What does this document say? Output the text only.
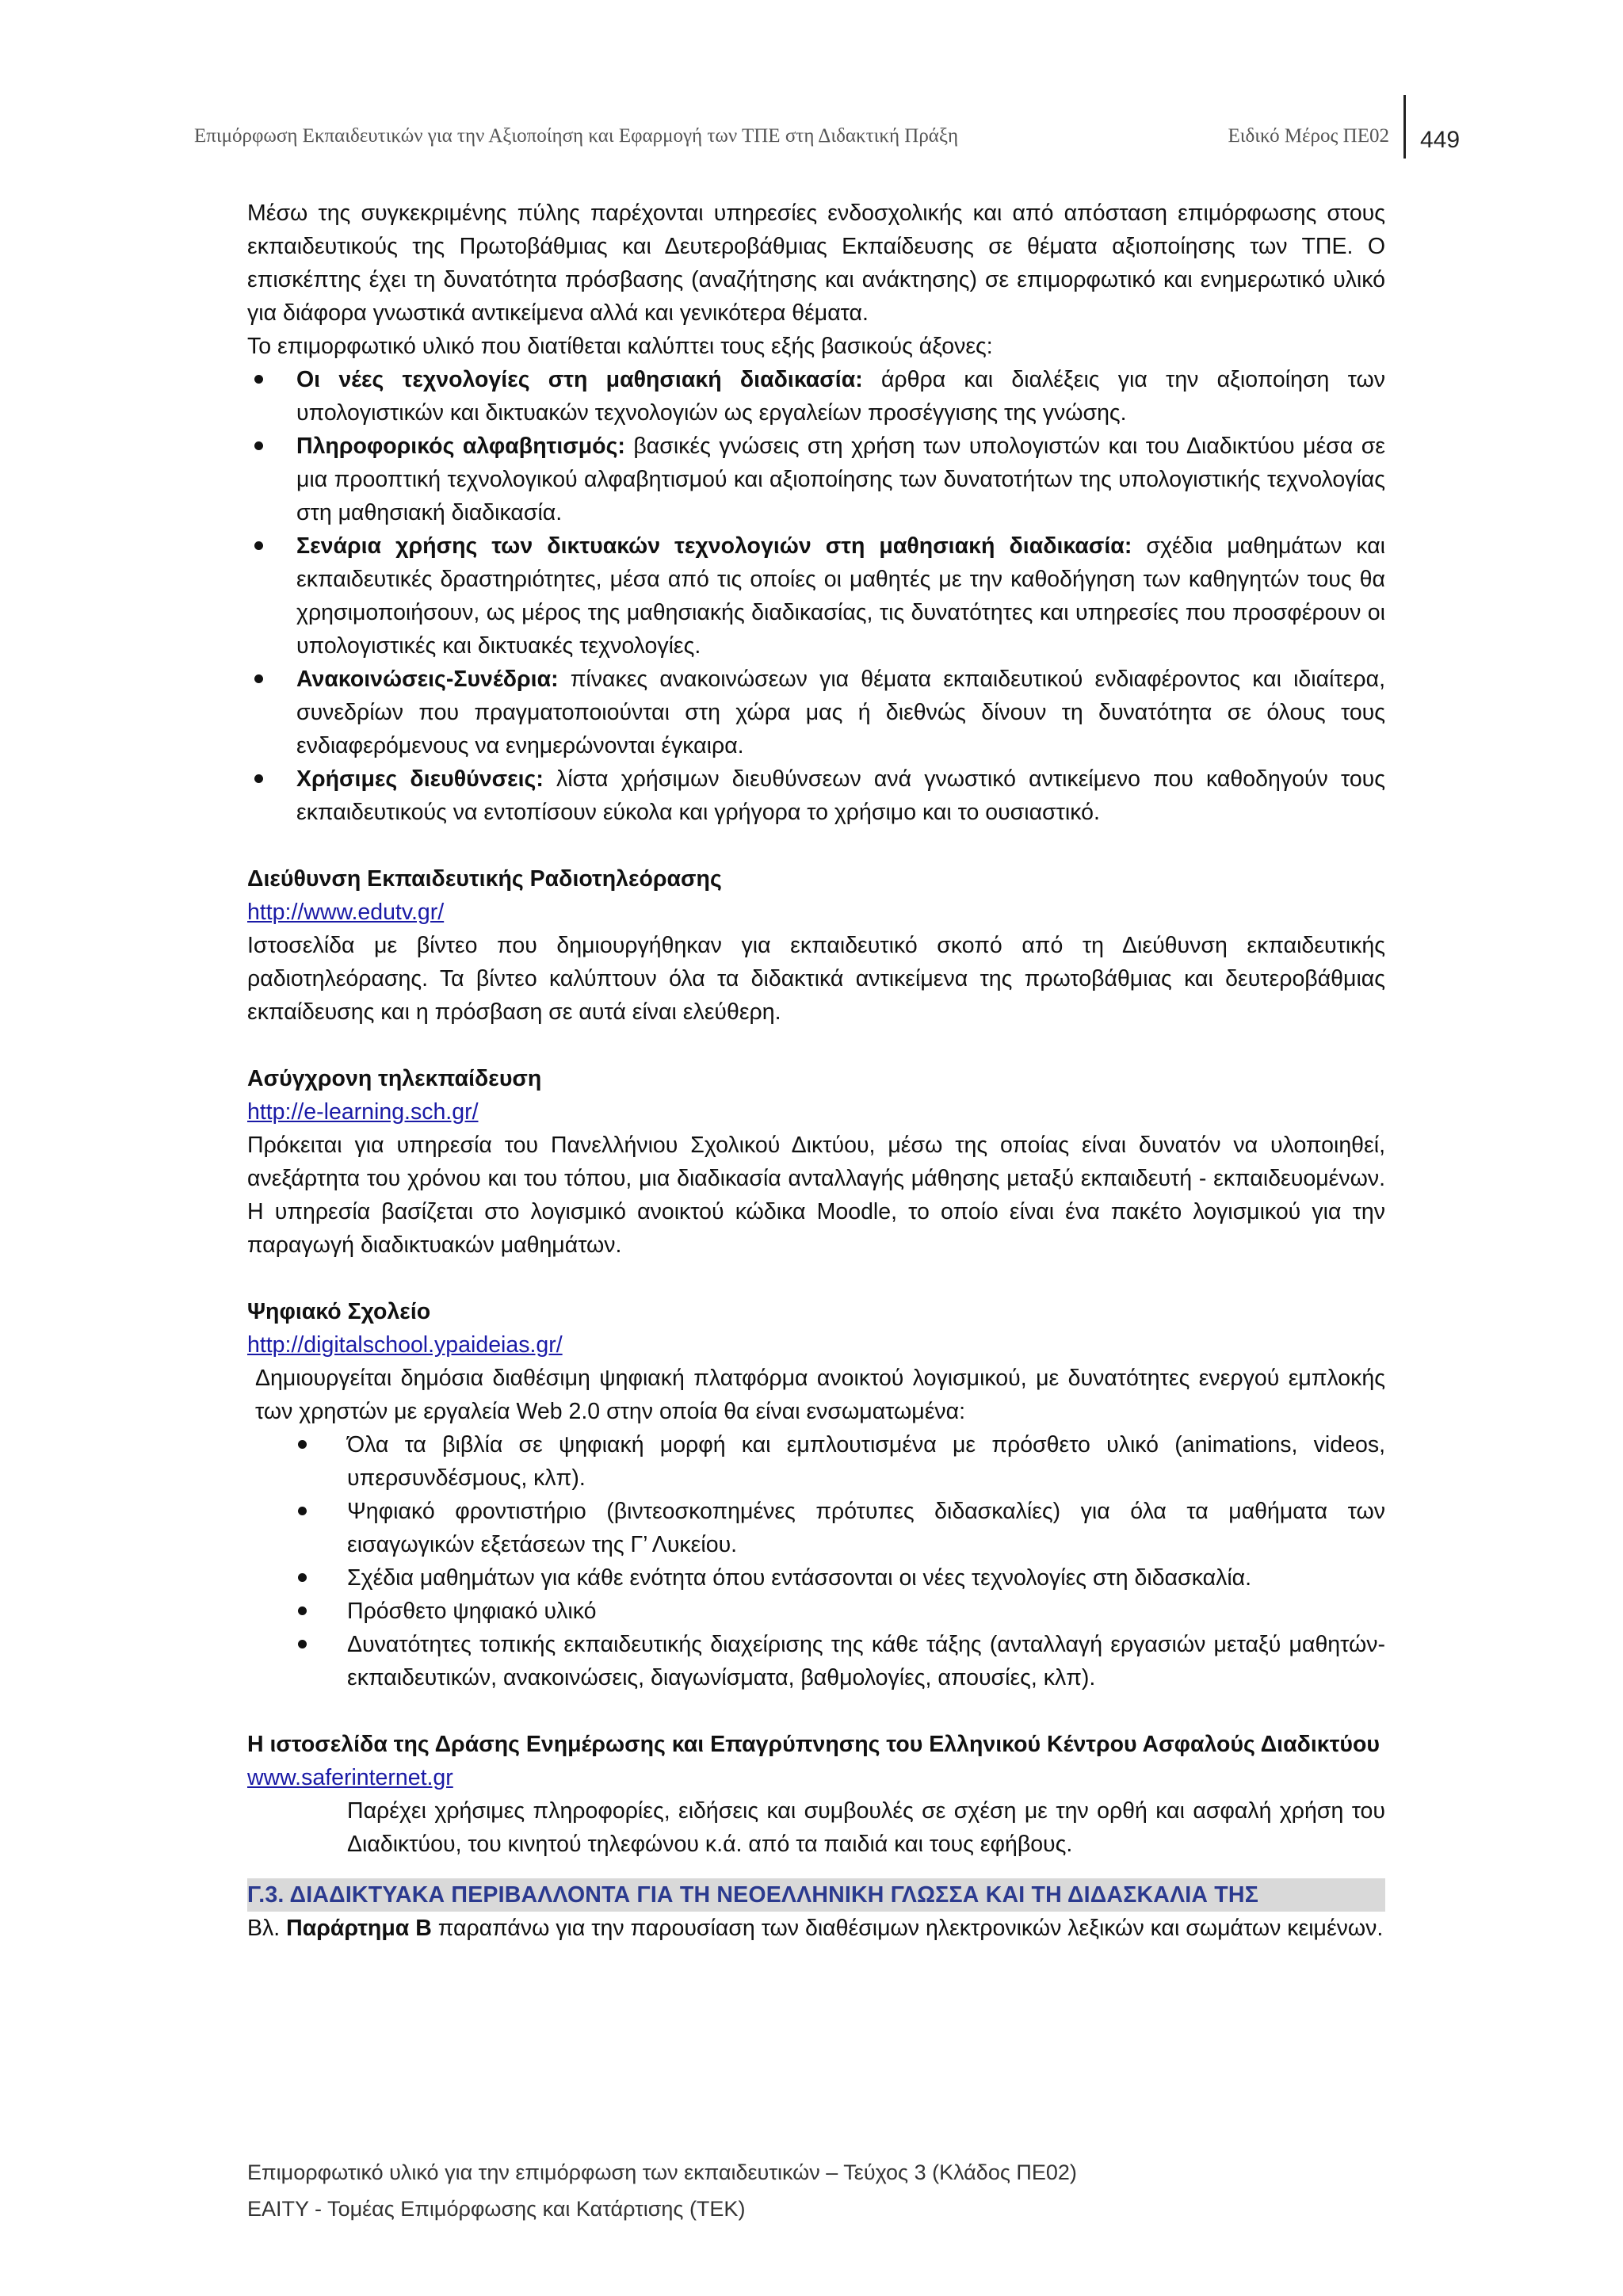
Επιμόρφωση Εκπαιδευτικών για την Αξιοποίηση και Εφαρμογή των ΤΠΕ στη Διδακτική Πράξη	Ειδικό Μέρος ΠΕ02 449

Μέσω της συγκεκριμένης πύλης παρέχονται υπηρεσίες ενδοσχολικής και από απόσταση επιμόρφωσης στους εκπαιδευτικούς της Πρωτοβάθμιας και Δευτεροβάθμιας Εκπαίδευσης σε θέματα αξιοποίησης των ΤΠΕ. Ο επισκέπτης έχει τη δυνατότητα πρόσβασης (αναζήτησης και ανάκτησης) σε επιμορφωτικό και ενημερωτικό υλικό για διάφορα γνωστικά αντικείμενα αλλά και γενικότερα θέματα.

Το επιμορφωτικό υλικό που διατίθεται καλύπτει τους εξής βασικούς άξονες:

Οι νέες τεχνολογίες στη μαθησιακή διαδικασία: άρθρα και διαλέξεις για την αξιοποίηση των υπολογιστικών και δικτυακών τεχνολογιών ως εργαλείων προσέγγισης της γνώσης.
Πληροφορικός αλφαβητισμός: βασικές γνώσεις στη χρήση των υπολογιστών και του Διαδικτύου μέσα σε μια προοπτική τεχνολογικού αλφαβητισμού και αξιοποίησης των δυνατοτήτων της υπολογιστικής τεχνολογίας στη μαθησιακή διαδικασία.
Σενάρια χρήσης των δικτυακών τεχνολογιών στη μαθησιακή διαδικασία: σχέδια μαθημάτων και εκπαιδευτικές δραστηριότητες, μέσα από τις οποίες οι μαθητές με την καθοδήγηση των καθηγητών τους θα χρησιμοποιήσουν, ως μέρος της μαθησιακής διαδικασίας, τις δυνατότητες και υπηρεσίες που προσφέρουν οι υπολογιστικές και δικτυακές τεχνολογίες.
Ανακοινώσεις-Συνέδρια: πίνακες ανακοινώσεων για θέματα εκπαιδευτικού ενδιαφέροντος και ιδιαίτερα, συνεδρίων που πραγματοποιούνται στη χώρα μας ή διεθνώς δίνουν τη δυνατότητα σε όλους τους ενδιαφερόμενους να ενημερώνονται έγκαιρα.
Χρήσιμες διευθύνσεις: λίστα χρήσιμων διευθύνσεων ανά γνωστικό αντικείμενο που καθοδηγούν τους εκπαιδευτικούς να εντοπίσουν εύκολα και γρήγορα το χρήσιμο και το ουσιαστικό.
Διεύθυνση Εκπαιδευτικής Ραδιοτηλεόρασης
http://www.edutv.gr/

Ιστοσελίδα με βίντεο που δημιουργήθηκαν για εκπαιδευτικό σκοπό από τη Διεύθυνση εκπαιδευτικής ραδιοτηλεόρασης. Τα βίντεο καλύπτουν όλα τα διδακτικά αντικείμενα της πρωτοβάθμιας και δευτεροβάθμιας εκπαίδευσης και η πρόσβαση σε αυτά είναι ελεύθερη.

Ασύγχρονη τηλεκπαίδευση
http://e-learning.sch.gr/

Πρόκειται για υπηρεσία του Πανελλήνιου Σχολικού Δικτύου, μέσω της οποίας είναι δυνατόν να υλοποιηθεί, ανεξάρτητα του χρόνου και του τόπου, μια διαδικασία ανταλλαγής μάθησης μεταξύ εκπαιδευτή - εκπαιδευομένων. Η υπηρεσία βασίζεται στο λογισμικό ανοικτού κώδικα Moodle, το οποίο είναι ένα πακέτο λογισμικού για την παραγωγή διαδικτυακών μαθημάτων.

Ψηφιακό Σχολείο
http://digitalschool.ypaideias.gr/

Δημιουργείται δημόσια διαθέσιμη ψηφιακή πλατφόρμα ανοικτού λογισμικού, με δυνατότητες ενεργού εμπλοκής των χρηστών με εργαλεία Web 2.0 στην οποία θα είναι ενσωματωμένα:

Όλα τα βιβλία σε ψηφιακή μορφή και εμπλουτισμένα με πρόσθετο υλικό (animations, videos, υπερσυνδέσμους, κλπ).
Ψηφιακό φροντιστήριο (βιντεοσκοπημένες πρότυπες διδασκαλίες) για όλα τα μαθήματα των εισαγωγικών εξετάσεων της Γ’ Λυκείου.
Σχέδια μαθημάτων για κάθε ενότητα όπου εντάσσονται οι νέες τεχνολογίες στη διδασκαλία.
Πρόσθετο ψηφιακό υλικό
Δυνατότητες τοπικής εκπαιδευτικής διαχείρισης της κάθε τάξης (ανταλλαγή εργασιών μεταξύ μαθητών-εκπαιδευτικών, ανακοινώσεις, διαγωνίσματα, βαθμολογίες, απουσίες, κλπ).
Η ιστοσελίδα της Δράσης Ενημέρωσης και Επαγρύπνησης του Ελληνικού Κέντρου Ασφαλούς Διαδικτύου
www.saferinternet.gr

Παρέχει χρήσιμες πληροφορίες, ειδήσεις και συμβουλές σε σχέση με την ορθή και ασφαλή χρήση του Διαδικτύου, του κινητού τηλεφώνου κ.ά. από τα παιδιά και τους εφήβους.

Γ.3. ΔΙΑΔΙΚΤΥΑΚΑ ΠΕΡΙΒΑΛΛΟΝΤΑ ΓΙΑ ΤΗ ΝΕΟΕΛΛΗΝΙΚΗ ΓΛΩΣΣΑ ΚΑΙ ΤΗ ΔΙΔΑΣΚΑΛΙΑ ΤΗΣ

Βλ. Παράρτημα Β παραπάνω για την παρουσίαση των διαθέσιμων ηλεκτρονικών λεξικών και σωμάτων κειμένων.

Επιμορφωτικό υλικό για την επιμόρφωση των εκπαιδευτικών – Τεύχος 3 (Κλάδος ΠΕ02)
ΕΑΙΤΥ - Τομέας Επιμόρφωσης και Κατάρτισης (ΤΕΚ)
